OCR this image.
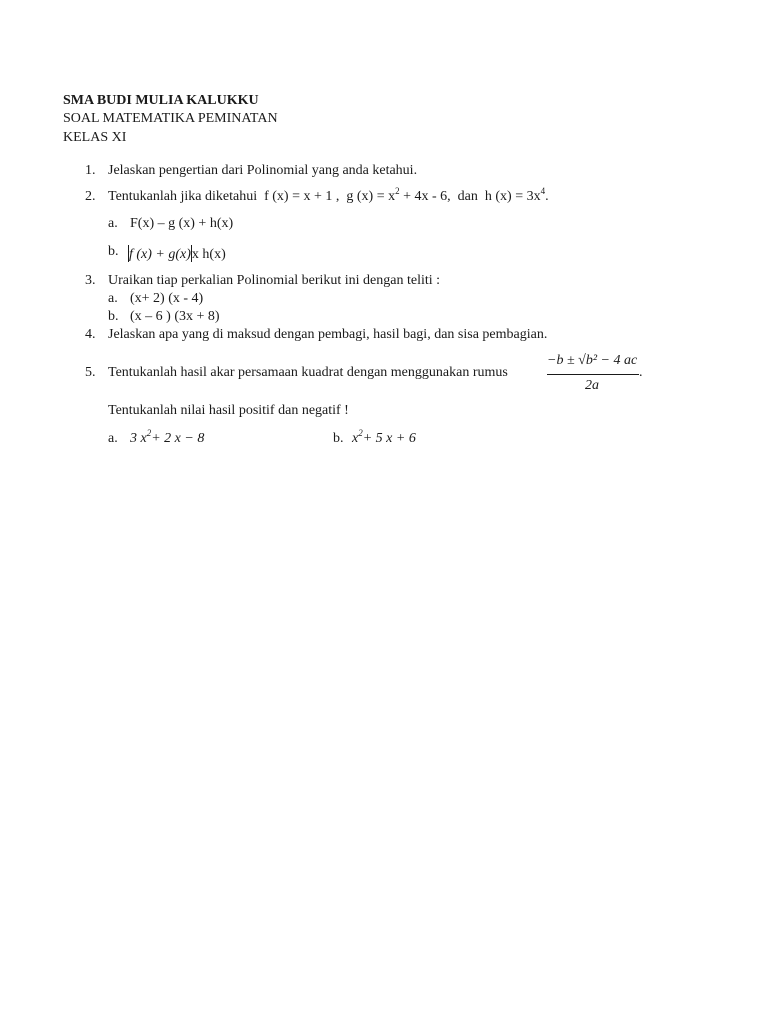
SMA BUDI MULIA KALUKKU
SOAL MATEMATIKA PEMINATAN
KELAS XI
1. Jelaskan pengertian dari Polinomial yang anda ketahui.
2. Tentukanlah jika diketahui f (x) = x + 1 , g $(x) = x^2 + 4x - 6$, dan h $(x) = 3x^4$.
a. F(x) – g (x) + h(x)
b. f (x) + g(x)x h(x)
3. Uraikan tiap perkalian Polinomial berikut ini dengan teliti :
a. (x+ 2) (x - 4)
b. (x – 6 ) (3x + 8)
4. Jelaskan apa yang di maksud dengan pembagi, hasil bagi, dan sisa pembagian.
5. Tentukanlah hasil akar persamaan kuadrat dengan menggunakan rumus
−b ± √b² − 4 ac
2a
.
Tentukanlah nilai hasil positif dan negatif !
a. 3 $x^2+ 2$ x − 8	b. $x^2+ 5$ x + 6
